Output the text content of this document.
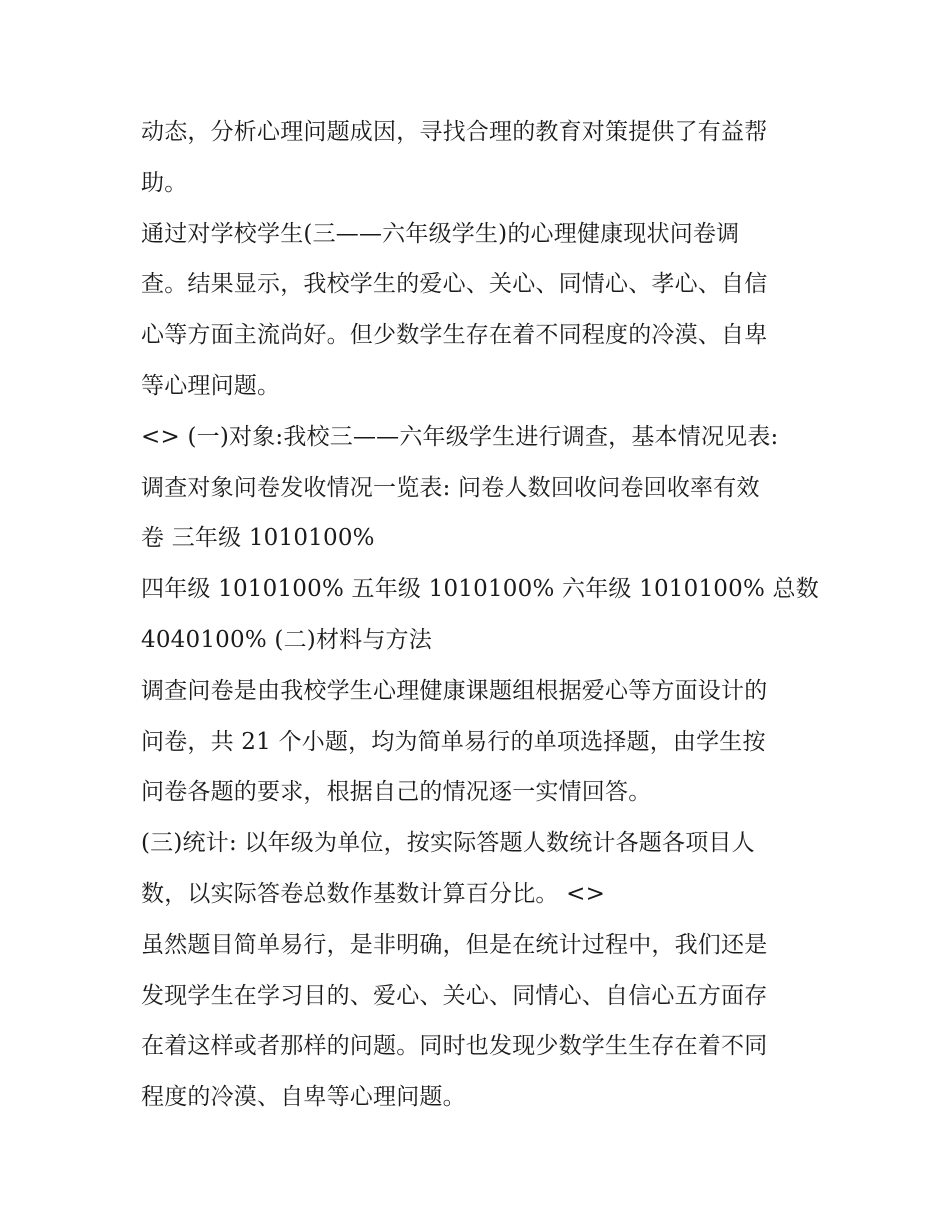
动态，分析心理问题成因，寻找合理的教育对策提供了有益帮
助。
通过对学校学生(三——六年级学生)的心理健康现状问卷调
查。结果显示，我校学生的爱心、关心、同情心、孝心、自信
心等方面主流尚好。但少数学生存在着不同程度的冷漠、自卑
等心理问题。
<> (一)对象:我校三——六年级学生进行调查，基本情况见表:
调查对象问卷发收情况一览表: 问卷人数回收问卷回收率有效
卷 三年级 1010100%
四年级 1010100% 五年级 1010100% 六年级 1010100% 总数
4040100% (二)材料与方法
调查问卷是由我校学生心理健康课题组根据爱心等方面设计的
问卷，共 21 个小题，均为简单易行的单项选择题，由学生按
问卷各题的要求，根据自己的情况逐一实情回答。
(三)统计: 以年级为单位，按实际答题人数统计各题各项目人
数，以实际答卷总数作基数计算百分比。 <>
虽然题目简单易行，是非明确，但是在统计过程中，我们还是
发现学生在学习目的、爱心、关心、同情心、自信心五方面存
在着这样或者那样的问题。同时也发现少数学生生存在着不同
程度的冷漠、自卑等心理问题。
